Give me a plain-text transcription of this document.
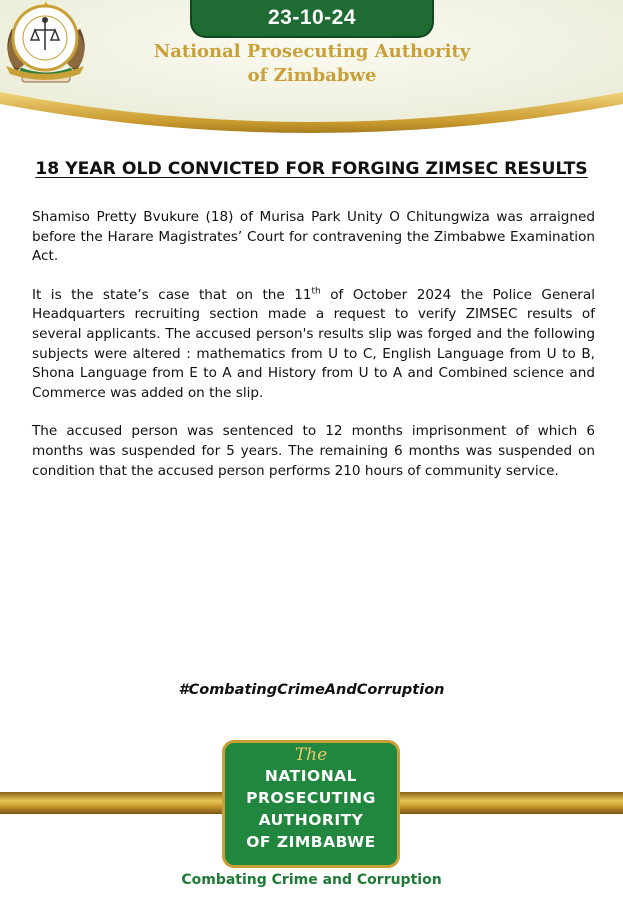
23-10-24
National Prosecuting Authority
of Zimbabwe
18 YEAR OLD CONVICTED FOR FORGING ZIMSEC RESULTS

Shamiso Pretty Bvukure (18) of Murisa Park Unity O Chitungwiza was arraigned before the Harare Magistrates’ Court for contravening the Zimbabwe Examination Act.

It is the state’s case that on the 11th of October 2024 the Police General Headquarters recruiting section made a request to verify ZIMSEC results of several applicants. The accused person's results slip was forged and the following subjects were altered : mathematics from U to C, English Language from U to B, Shona Language from E to A and History from U to A and Combined science and Commerce was added on the slip.

The accused person was sentenced to 12 months imprisonment of which 6 months was suspended for 5 years. The remaining 6 months was suspended on condition that the accused person performs 210 hours of community service.

#CombatingCrimeAndCorruption
The
NATIONAL
PROSECUTING
AUTHORITY
OF ZIMBABWE
Combating Crime and Corruption
